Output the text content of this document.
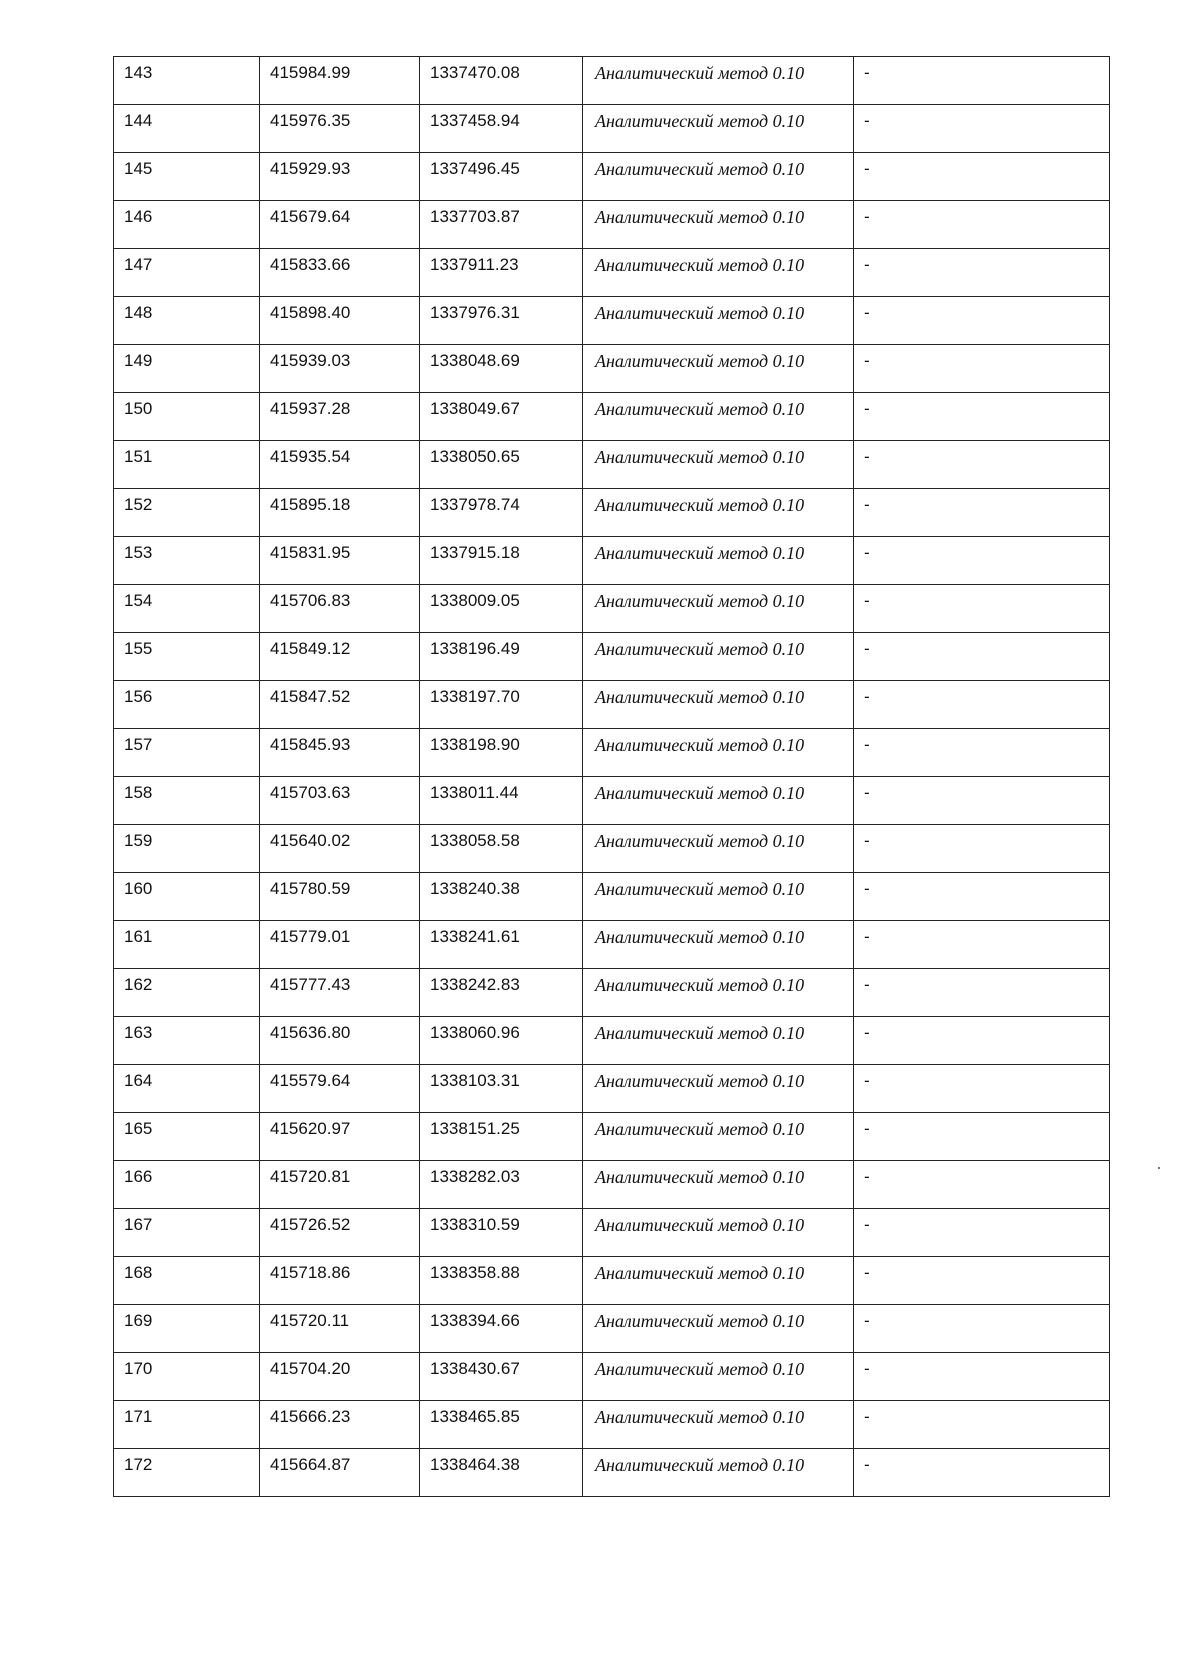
143	415984.99	1337470.08	Аналитический метод 0.10	-
144	415976.35	1337458.94	Аналитический метод 0.10	-
145	415929.93	1337496.45	Аналитический метод 0.10	-
146	415679.64	1337703.87	Аналитический метод 0.10	-
147	415833.66	1337911.23	Аналитический метод 0.10	-
148	415898.40	1337976.31	Аналитический метод 0.10	-
149	415939.03	1338048.69	Аналитический метод 0.10	-
150	415937.28	1338049.67	Аналитический метод 0.10	-
151	415935.54	1338050.65	Аналитический метод 0.10	-
152	415895.18	1337978.74	Аналитический метод 0.10	-
153	415831.95	1337915.18	Аналитический метод 0.10	-
154	415706.83	1338009.05	Аналитический метод 0.10	-
155	415849.12	1338196.49	Аналитический метод 0.10	-
156	415847.52	1338197.70	Аналитический метод 0.10	-
157	415845.93	1338198.90	Аналитический метод 0.10	-
158	415703.63	1338011.44	Аналитический метод 0.10	-
159	415640.02	1338058.58	Аналитический метод 0.10	-
160	415780.59	1338240.38	Аналитический метод 0.10	-
161	415779.01	1338241.61	Аналитический метод 0.10	-
162	415777.43	1338242.83	Аналитический метод 0.10	-
163	415636.80	1338060.96	Аналитический метод 0.10	-
164	415579.64	1338103.31	Аналитический метод 0.10	-
165	415620.97	1338151.25	Аналитический метод 0.10	-
166	415720.81	1338282.03	Аналитический метод 0.10	-
167	415726.52	1338310.59	Аналитический метод 0.10	-
168	415718.86	1338358.88	Аналитический метод 0.10	-
169	415720.11	1338394.66	Аналитический метод 0.10	-
170	415704.20	1338430.67	Аналитический метод 0.10	-
171	415666.23	1338465.85	Аналитический метод 0.10	-
172	415664.87	1338464.38	Аналитический метод 0.10	-
